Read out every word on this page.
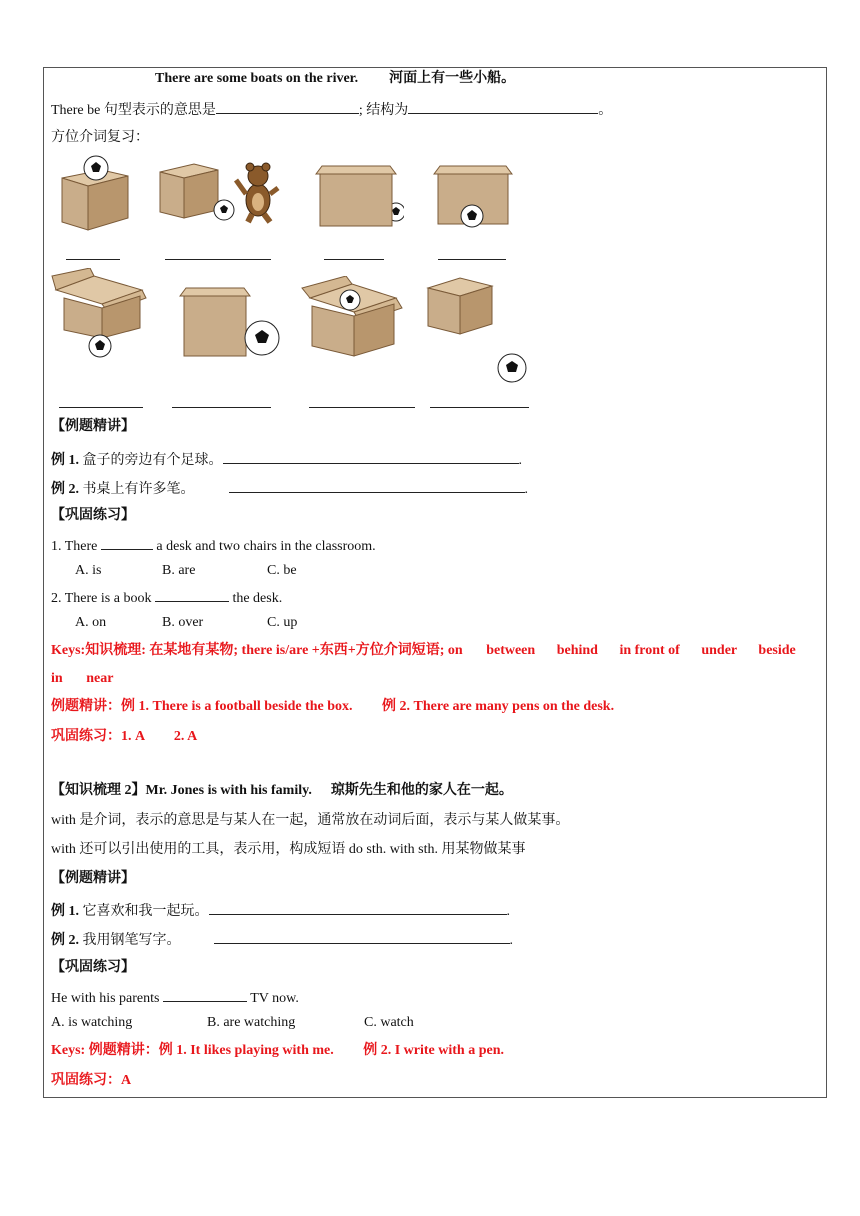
There are some boats on the river. 河面上有一些小船。
There be 句型表示的意思是	; 结构为	。
方位介词复习：
【例题精讲】
例 1. 盒子的旁边有个足球。	.
例 2. 书桌上有许多笔。	.
【巩固练习】
1. There	a desk and two chairs in the classroom.
A. is	B. are	C. be
2. There is a book	the desk.
A. on	B. over	C. up
Keys:知识梳理: 在某地有某物; there is/are +东西+方位介词短语; on between behind in front of under beside
in near
例题精讲：例 1. There is a football beside the box. 例 2. There are many pens on the desk.
巩固练习：1. A 2. A
【知识梳理 2】Mr. Jones is with his family. 琼斯先生和他的家人在一起。
with 是介词，表示的意思是与某人在一起，通常放在动词后面，表示与某人做某事。
with 还可以引出使用的工具，表示用，构成短语 do sth. with sth. 用某物做某事
【例题精讲】
例 1. 它喜欢和我一起玩。	.
例 2. 我用钢笔写字。	.
【巩固练习】
He with his parents	TV now.
A. is watching	B. are watching	C. watch
Keys: 例题精讲：例 1. It likes playing with me. 例 2. I write with a pen.
巩固练习：A
